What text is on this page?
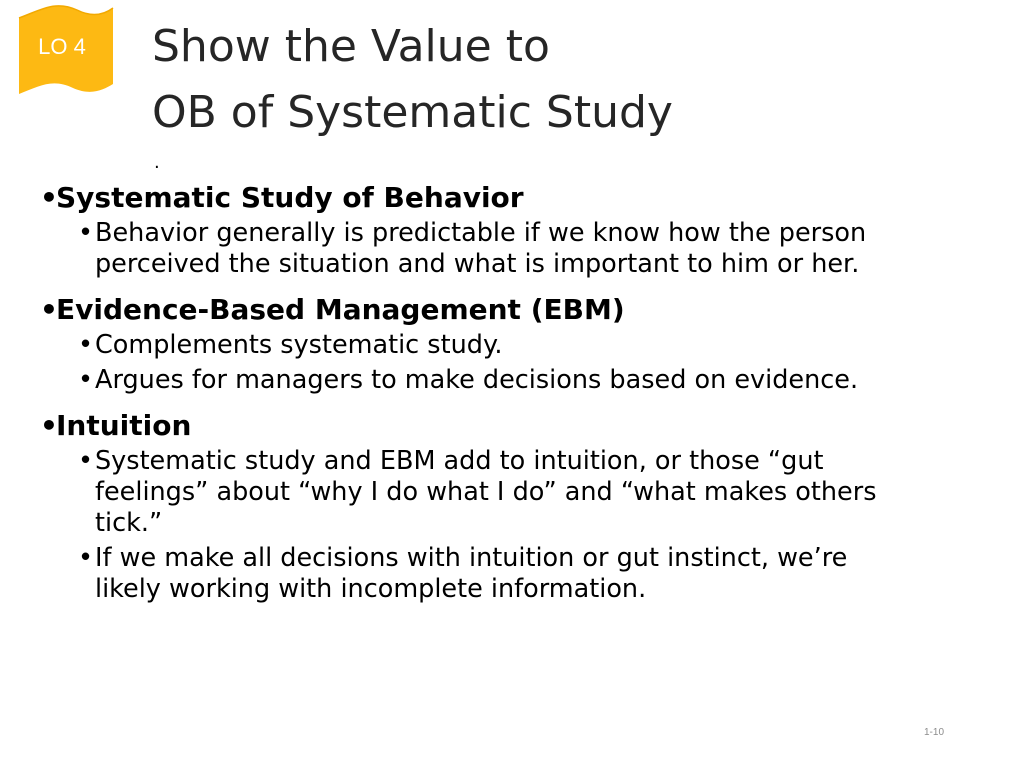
LO 4	Show the Value to
OB of Systematic Study
.
•
Systematic Study of Behavior
• Behavior generally is predictable if we know how the person perceived the situation and what is important to him or her.
•
Evidence-Based Management (EBM)
• Complements systematic study.
• Argues for managers to make decisions based on evidence.
•
Intuition
• Systematic study and EBM add to intuition, or those “gut feelings” about “why I do what I do” and “what makes others tick.”
• If we make all decisions with intuition or gut instinct, we’re likely working with incomplete information.
1-10
